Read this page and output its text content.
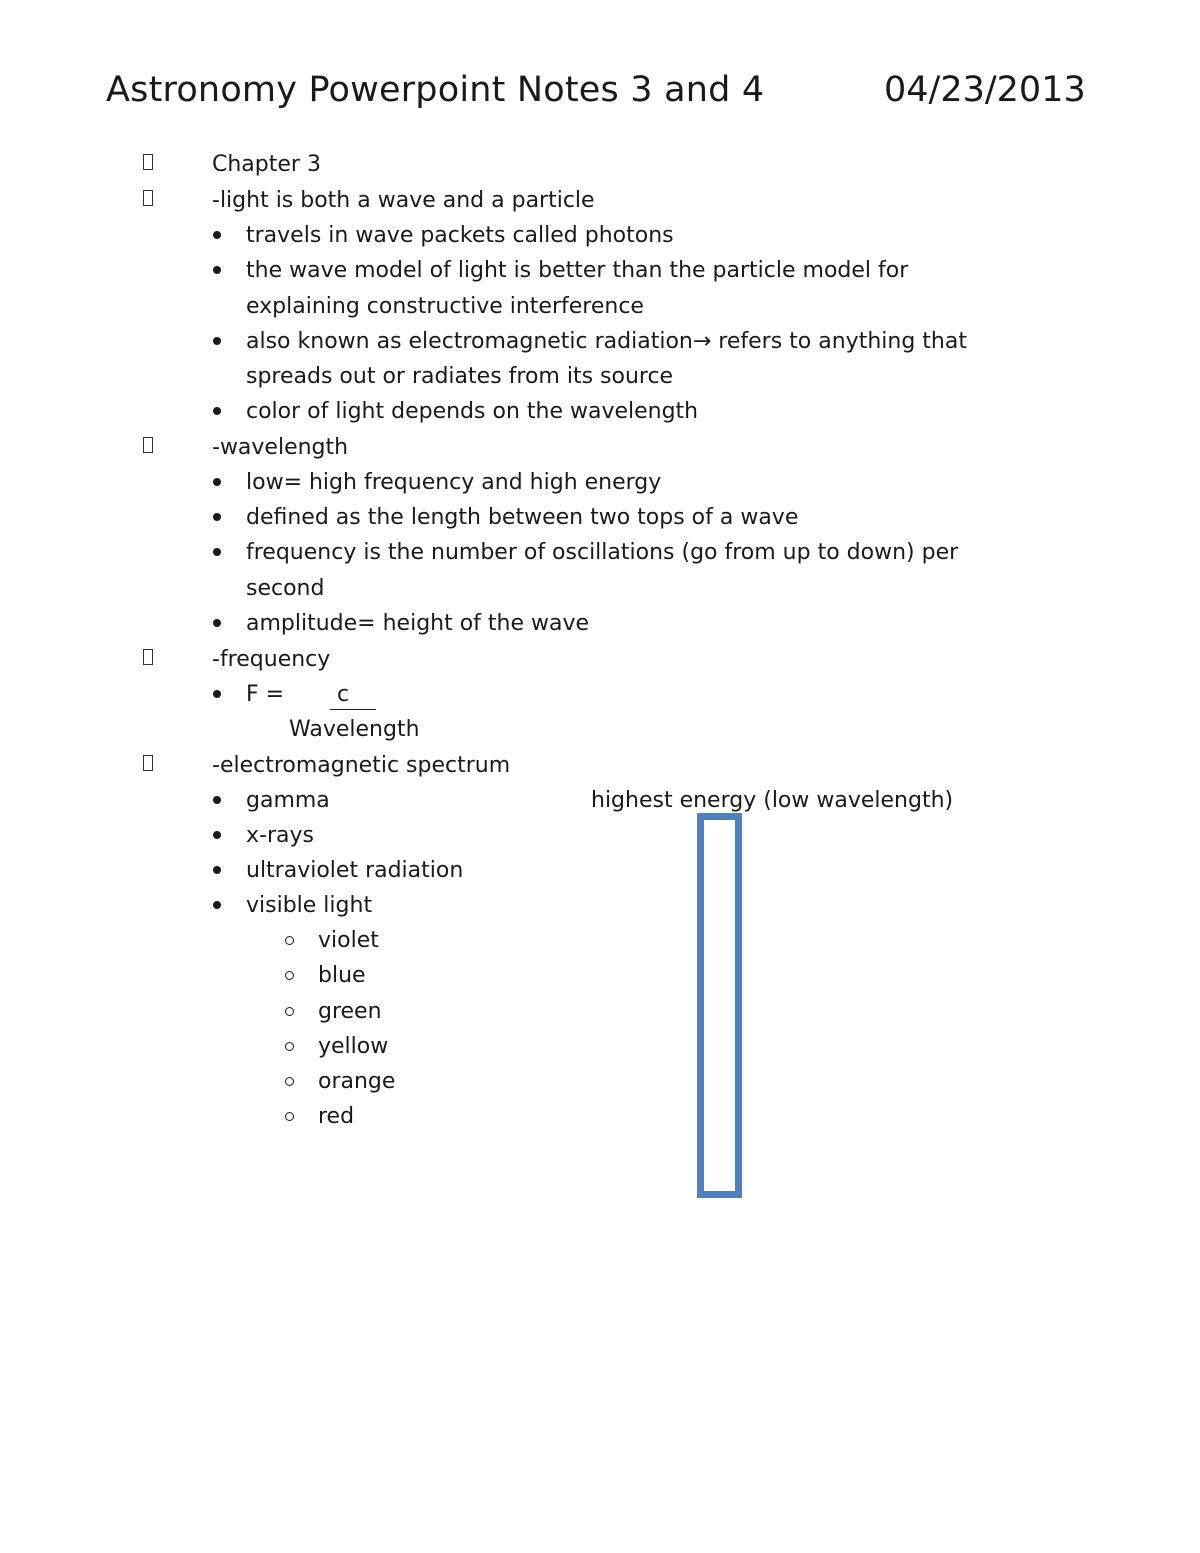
Astronomy Powerpoint Notes 3 and 4	04/23/2013
Chapter 3
-light is both a wave and a particle
travels in wave packets called photons
the wave model of light is better than the particle model for
explaining constructive interference
also known as electromagnetic radiation→ refers to anything that
spreads out or radiates from its source
color of light depends on the wavelength
-wavelength
low= high frequency and high energy
defined as the length between two tops of a wave
frequency is the number of oscillations (go from up to down) per
second
amplitude= height of the wave
-frequency
F = c
Wavelength
-electromagnetic spectrum
gamma	highest energy (low wavelength)
x-rays
ultraviolet radiation
visible light
violet
blue
green
yellow
orange
red
